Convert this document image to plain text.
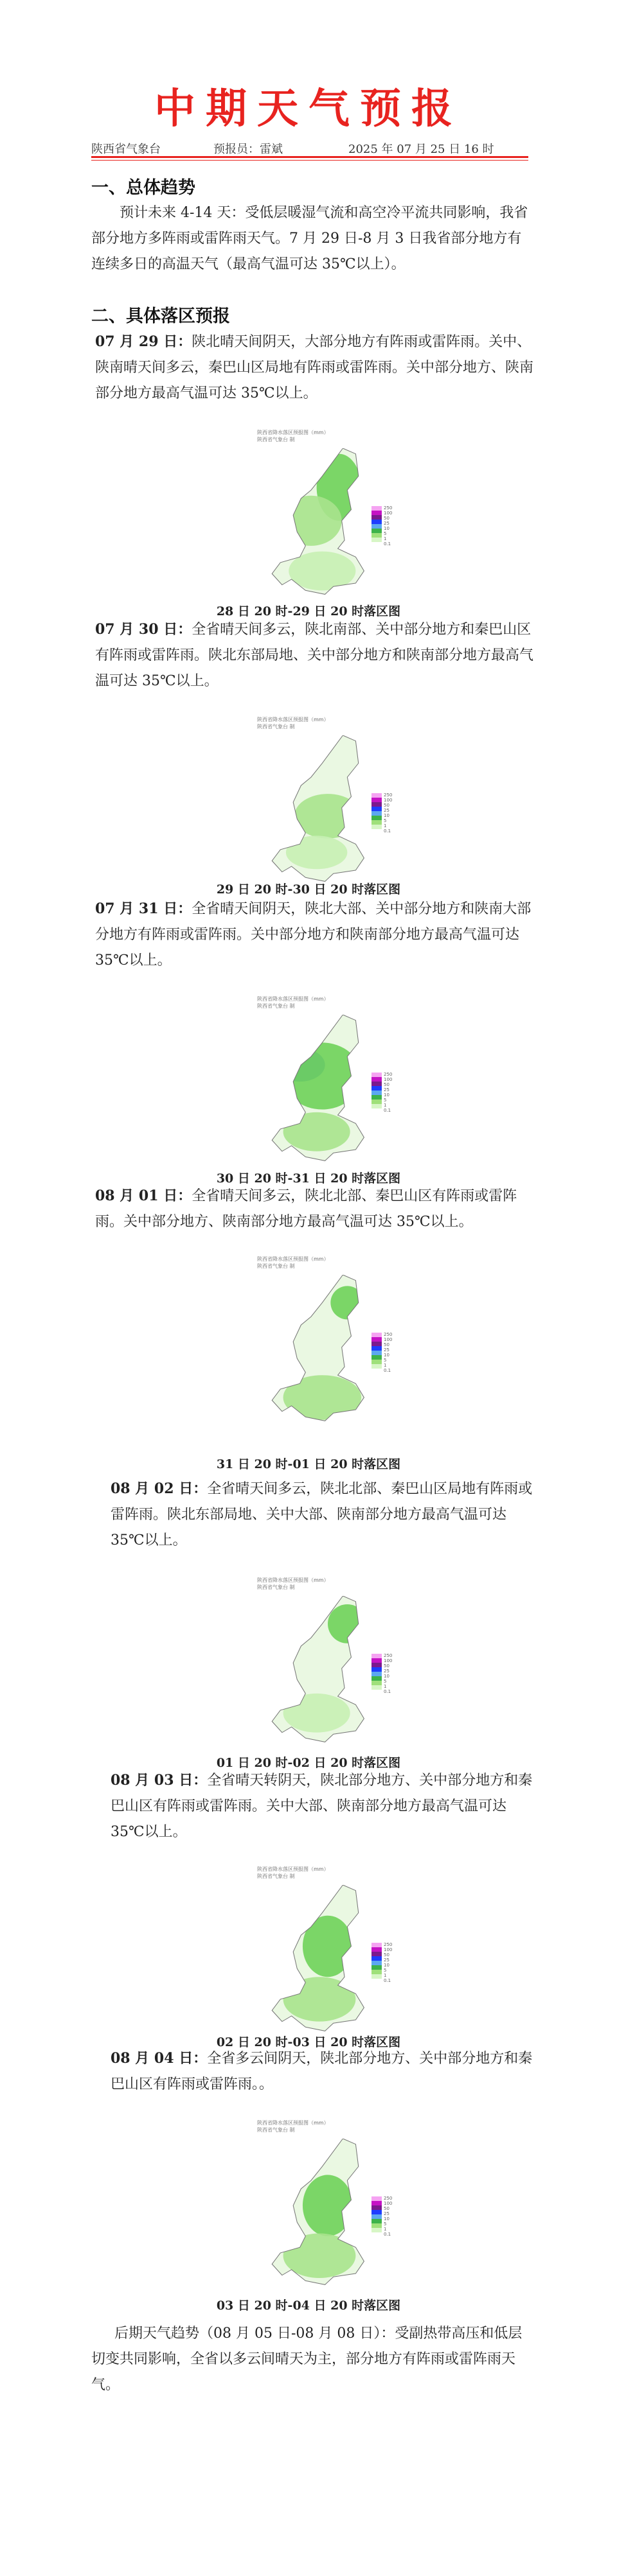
中期天气预报
陕西省气象台	预报员：雷斌	2025 年 07 月 25 日 16 时
一、总体趋势
预计未来 4-14 天：受低层暖湿气流和高空冷平流共同影响，我省部分地方多阵雨或雷阵雨天气。7 月 29 日-8 月 3 日我省部分地方有连续多日的高温天气（最高气温可达 35℃以上）。
二、具体落区预报
07 月 29 日：陕北晴天间阴天，大部分地方有阵雨或雷阵雨。关中、陕南晴天间多云，秦巴山区局地有阵雨或雷阵雨。关中部分地方、陕南部分地方最高气温可达 35℃以上。
陕西省降水落区预报图（mm）
陕西省气象台 制
250
100
50
25
10
5
1
0.1
28 日 20 时-29 日 20 时落区图
07 月 30 日：全省晴天间多云，陕北南部、关中部分地方和秦巴山区有阵雨或雷阵雨。陕北东部局地、关中部分地方和陕南部分地方最高气温可达 35℃以上。
陕西省降水落区预报图（mm）
陕西省气象台 制
250
100
50
25
10
5
1
0.1
29 日 20 时-30 日 20 时落区图
07 月 31 日：全省晴天间阴天，陕北大部、关中部分地方和陕南大部分地方有阵雨或雷阵雨。关中部分地方和陕南部分地方最高气温可达 35℃以上。
陕西省降水落区预报图（mm）
陕西省气象台 制
250
100
50
25
10
5
1
0.1
30 日 20 时-31 日 20 时落区图
08 月 01 日：全省晴天间多云，陕北北部、秦巴山区有阵雨或雷阵雨。关中部分地方、陕南部分地方最高气温可达 35℃以上。
陕西省降水落区预报图（mm）
陕西省气象台 制
250
100
50
25
10
5
1
0.1
31 日 20 时-01 日 20 时落区图
08 月 02 日：全省晴天间多云，陕北北部、秦巴山区局地有阵雨或雷阵雨。陕北东部局地、关中大部、陕南部分地方最高气温可达 35℃以上。
陕西省降水落区预报图（mm）
陕西省气象台 制
250
100
50
25
10
5
1
0.1
01 日 20 时-02 日 20 时落区图
08 月 03 日：全省晴天转阴天，陕北部分地方、关中部分地方和秦巴山区有阵雨或雷阵雨。关中大部、陕南部分地方最高气温可达 35℃以上。
陕西省降水落区预报图（mm）
陕西省气象台 制
250
100
50
25
10
5
1
0.1
02 日 20 时-03 日 20 时落区图
08 月 04 日：全省多云间阴天，陕北部分地方、关中部分地方和秦巴山区有阵雨或雷阵雨。。
陕西省降水落区预报图（mm）
陕西省气象台 制
250
100
50
25
10
5
1
0.1
03 日 20 时-04 日 20 时落区图
后期天气趋势（08 月 05 日-08 月 08 日）：受副热带高压和低层切变共同影响，全省以多云间晴天为主，部分地方有阵雨或雷阵雨天气。
